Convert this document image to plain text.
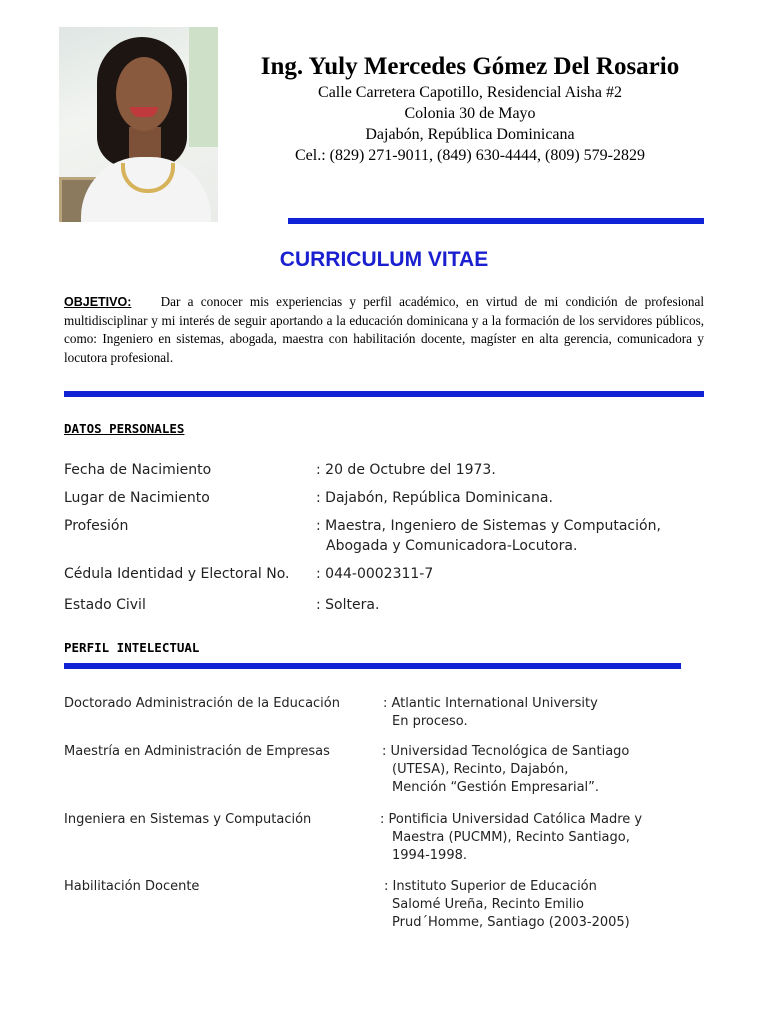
Ing. Yuly Mercedes Gómez Del Rosario

Calle Carretera Capotillo, Residencial Aisha #2

Colonia 30 de Mayo

Dajabón, República Dominicana

Cel.: (829) 271-9011, (849) 630-4444, (809) 579-2829

CURRICULUM VITAE
OBJETIVO: Dar a conocer mis experiencias y perfil académico, en virtud de mi condición de profesional multidisciplinar y mi interés de seguir aportando a la educación dominicana y a la formación de los servidores públicos, como: Ingeniero en sistemas, abogada, maestra con habilitación docente, magíster en alta gerencia, comunicadora y locutora profesional.
DATOS PERSONALES
Fecha de Nacimiento	: 20 de Octubre del 1973.
Lugar de Nacimiento	: Dajabón, República Dominicana.
Profesión	: Maestra, Ingeniero de Sistemas y Computación,
Abogada y Comunicadora-Locutora.
Cédula Identidad y Electoral No. : 044-0002311-7
Estado Civil	: Soltera.
PERFIL INTELECTUAL
Doctorado Administración de la Educación	: Atlantic International University
En proceso.
Maestría en Administración de Empresas	: Universidad Tecnológica de Santiago
(UTESA), Recinto, Dajabón,
Mención “Gestión Empresarial”.
Ingeniera en Sistemas y Computación	: Pontificia Universidad Católica Madre y
Maestra (PUCMM), Recinto Santiago,
1994-1998.
Habilitación Docente	: Instituto Superior de Educación
Salomé Ureña, Recinto Emilio
Prud´Homme, Santiago (2003-2005)
